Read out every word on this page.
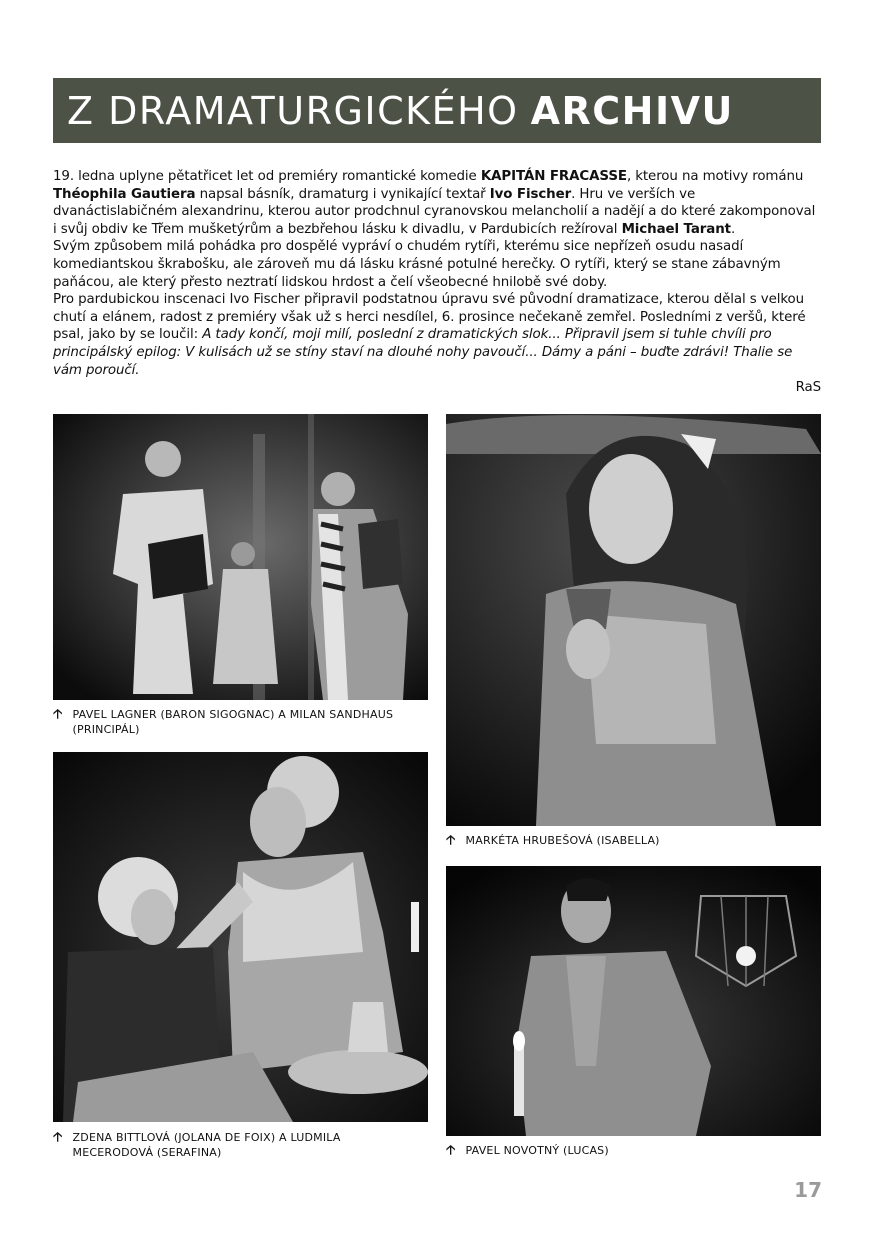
Z DRAMATURGICKÉHO ARCHIVU

19. ledna uplyne pětatřicet let od premiéry romantické komedie KAPITÁN FRACASSE, kterou na motivy románu Théophila Gautiera napsal básník, dramaturg i vynikající textař Ivo Fischer. Hru ve verších ve dvanáctislabičném alexandrinu, kterou autor prodchnul cyranovskou melancholií a nadějí a do které zakomponoval i svůj obdiv ke Třem mušketýrům a bezbřehou lásku k divadlu, v Pardubicích režíroval Michael Tarant.

Svým způsobem milá pohádka pro dospělé vypráví o chudém rytíři, kterému sice nepřízeň osudu nasadí komediantskou škrabošku, ale zároveň mu dá lásku krásné potulné herečky. O rytíři, který se stane zábavným paňácou, ale který přesto neztratí lidskou hrdost a čelí všeobecné hnilobě své doby.

Pro pardubickou inscenaci Ivo Fischer připravil podstatnou úpravu své původní dramatizace, kterou dělal s velkou chutí a elánem, radost z premiéry však už s herci nesdílel, 6. prosince nečekaně zemřel. Posledními z veršů, které psal, jako by se loučil: A tady končí, moji milí, poslední z dramatických slok... Připravil jsem si tuhle chvíli pro principálský epilog: V kulisách už se stíny staví na dlouhé nohy pavoučí... Dámy a páni – buďte zdrávi! Thalie se vám poroučí.

RaS
🡡 PAVEL LAGNER (BARON SIGOGNAC) A MILAN SANDHAUS (PRINCIPÁL)
🡡 MARKÉTA HRUBEŠOVÁ (ISABELLA)
🡡 ZDENA BITTLOVÁ (JOLANA DE FOIX) A LUDMILA MECERODOVÁ (SERAFINA)	🡡 PAVEL NOVOTNÝ (LUCAS)
17
